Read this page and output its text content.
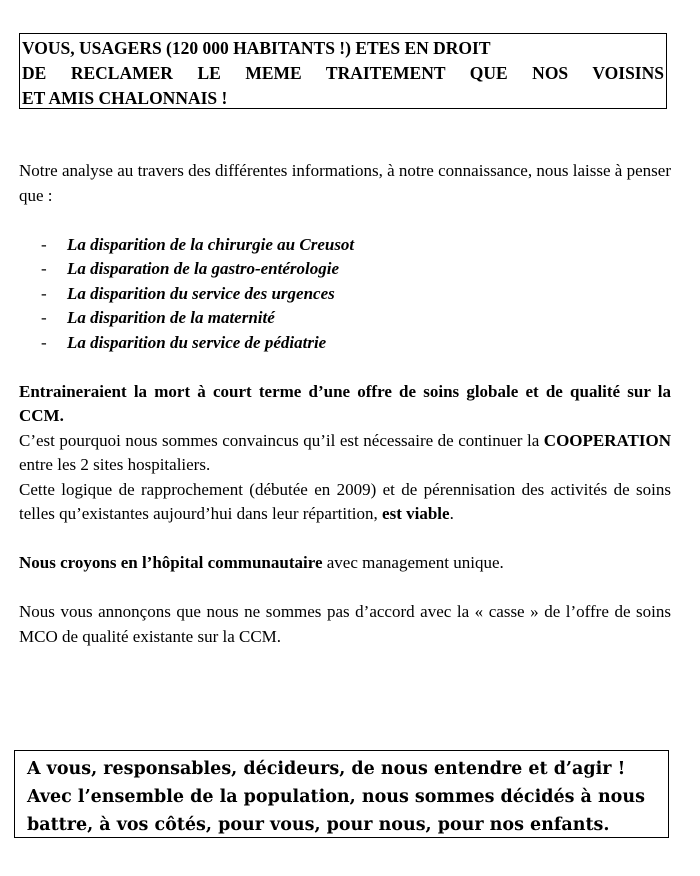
VOUS, USAGERS (120 000 HABITANTS !) ETES EN DROIT
DE RECLAMER LE MEME TRAITEMENT QUE NOS VOISINS
ET AMIS CHALONNAIS !

Notre analyse au travers des différentes informations, à notre connaissance, nous laisse à penser que :

- La disparition de la chirurgie au Creusot
- La disparation de la gastro-entérologie
- La disparition du service des urgences
- La disparition de la maternité
- La disparition du service de pédiatrie

Entraineraient la mort à court terme d’une offre de soins globale et de qualité sur la CCM.

C’est pourquoi nous sommes convaincus qu’il est nécessaire de continuer la COOPERATION entre les 2 sites hospitaliers.

Cette logique de rapprochement (débutée en 2009) et de pérennisation des activités de soins telles qu’existantes aujourd’hui dans leur répartition, est viable.

Nous croyons en l’hôpital communautaire avec management unique.

Nous vous annonçons que nous ne sommes pas d’accord avec la « casse » de l’offre de soins MCO de qualité existante sur la CCM.

A vous, responsables, décideurs, de nous entendre et d’agir !
Avec l’ensemble de la population, nous sommes décidés à nous
battre, à vos côtés, pour vous, pour nous, pour nos enfants.
